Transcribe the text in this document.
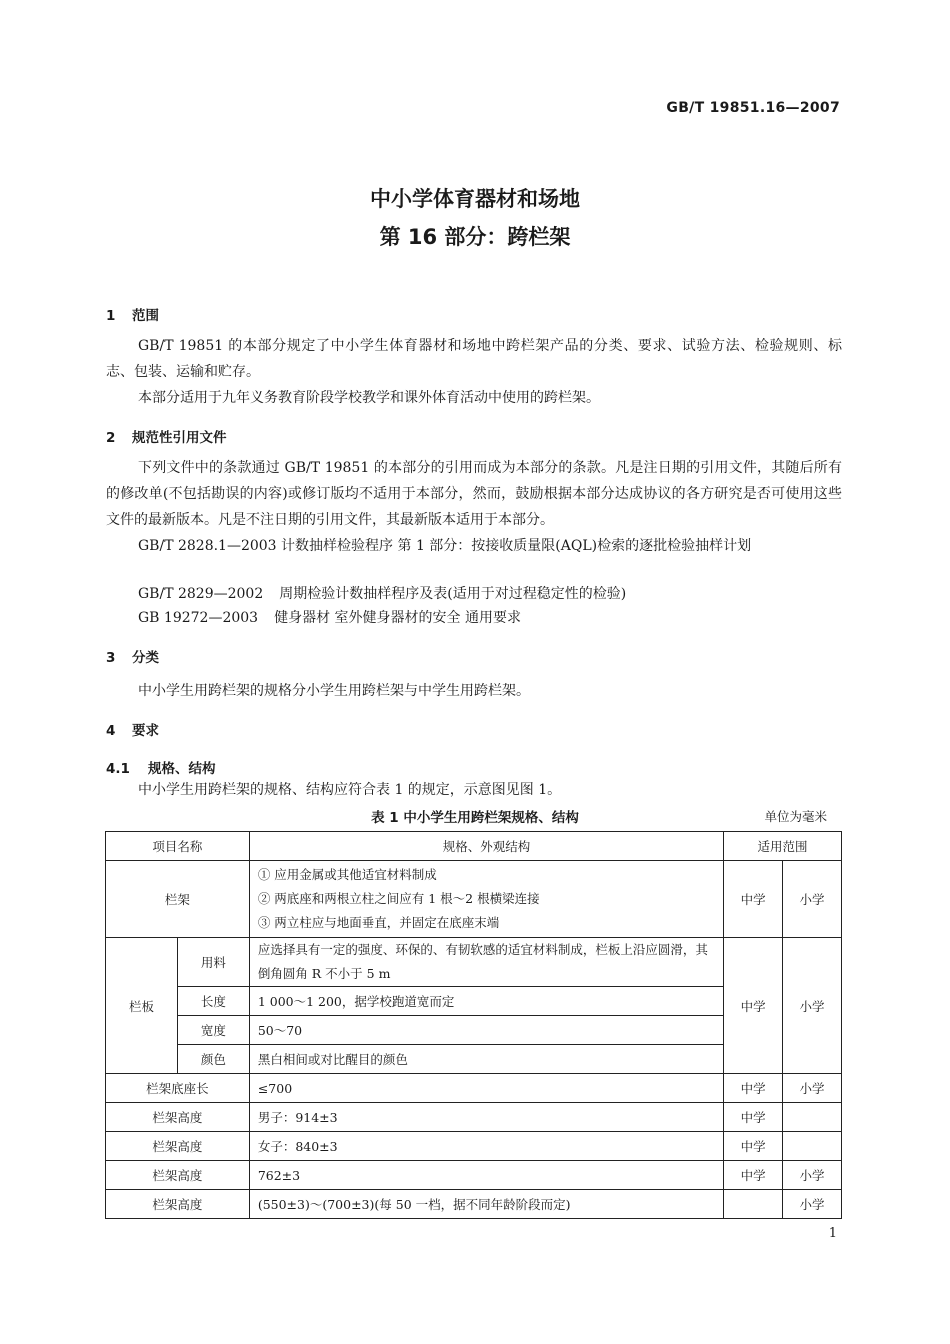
GB/T 19851.16—2007
中小学体育器材和场地
第 16 部分：跨栏架
1 范围

GB/T 19851 的本部分规定了中小学生体育器材和场地中跨栏架产品的分类、要求、试验方法、检验规则、标志、包装、运输和贮存。

本部分适用于九年义务教育阶段学校教学和课外体育活动中使用的跨栏架。

2 规范性引用文件

下列文件中的条款通过 GB/T 19851 的本部分的引用而成为本部分的条款。凡是注日期的引用文件，其随后所有的修改单(不包括勘误的内容)或修订版均不适用于本部分，然而，鼓励根据本部分达成协议的各方研究是否可使用这些文件的最新版本。凡是不注日期的引用文件，其最新版本适用于本部分。

GB/T 2828.1—2003 计数抽样检验程序 第 1 部分：按接收质量限(AQL)检索的逐批检验抽样计划

GB/T 2829—2002 周期检验计数抽样程序及表(适用于对过程稳定性的检验)
GB 19272—2003 健身器材 室外健身器材的安全 通用要求
3 分类
中小学生用跨栏架的规格分小学生用跨栏架与中学生用跨栏架。
4 要求
4.1 规格、结构
中小学生用跨栏架的规格、结构应符合表 1 的规定，示意图见图 1。
表 1 中小学生用跨栏架规格、结构	单位为毫米
项目名称		规格、外观结构	适用范围	
栏架		① 应用金属或其他适宜材料制成
② 两底座和两根立柱之间应有 1 根～2 根横梁连接
③ 两立柱应与地面垂直，并固定在底座末端	中学	小学
栏板	用料	应选择具有一定的强度、环保的、有韧软感的适宜材料制成，栏板上沿应圆滑，其倒角圆角 R 不小于 5 m	中学	小学
	长度	1 000～1 200，据学校跑道宽而定		
	宽度	50～70		
	颜色	黑白相间或对比醒目的颜色		
栏架底座长		≤700	中学	小学
栏架高度		男子：914±3	中学	
栏架高度		女子：840±3	中学	
栏架高度		762±3	中学	小学
栏架高度		(550±3)～(700±3)(每 50 一档，据不同年龄阶段而定)		小学
1
